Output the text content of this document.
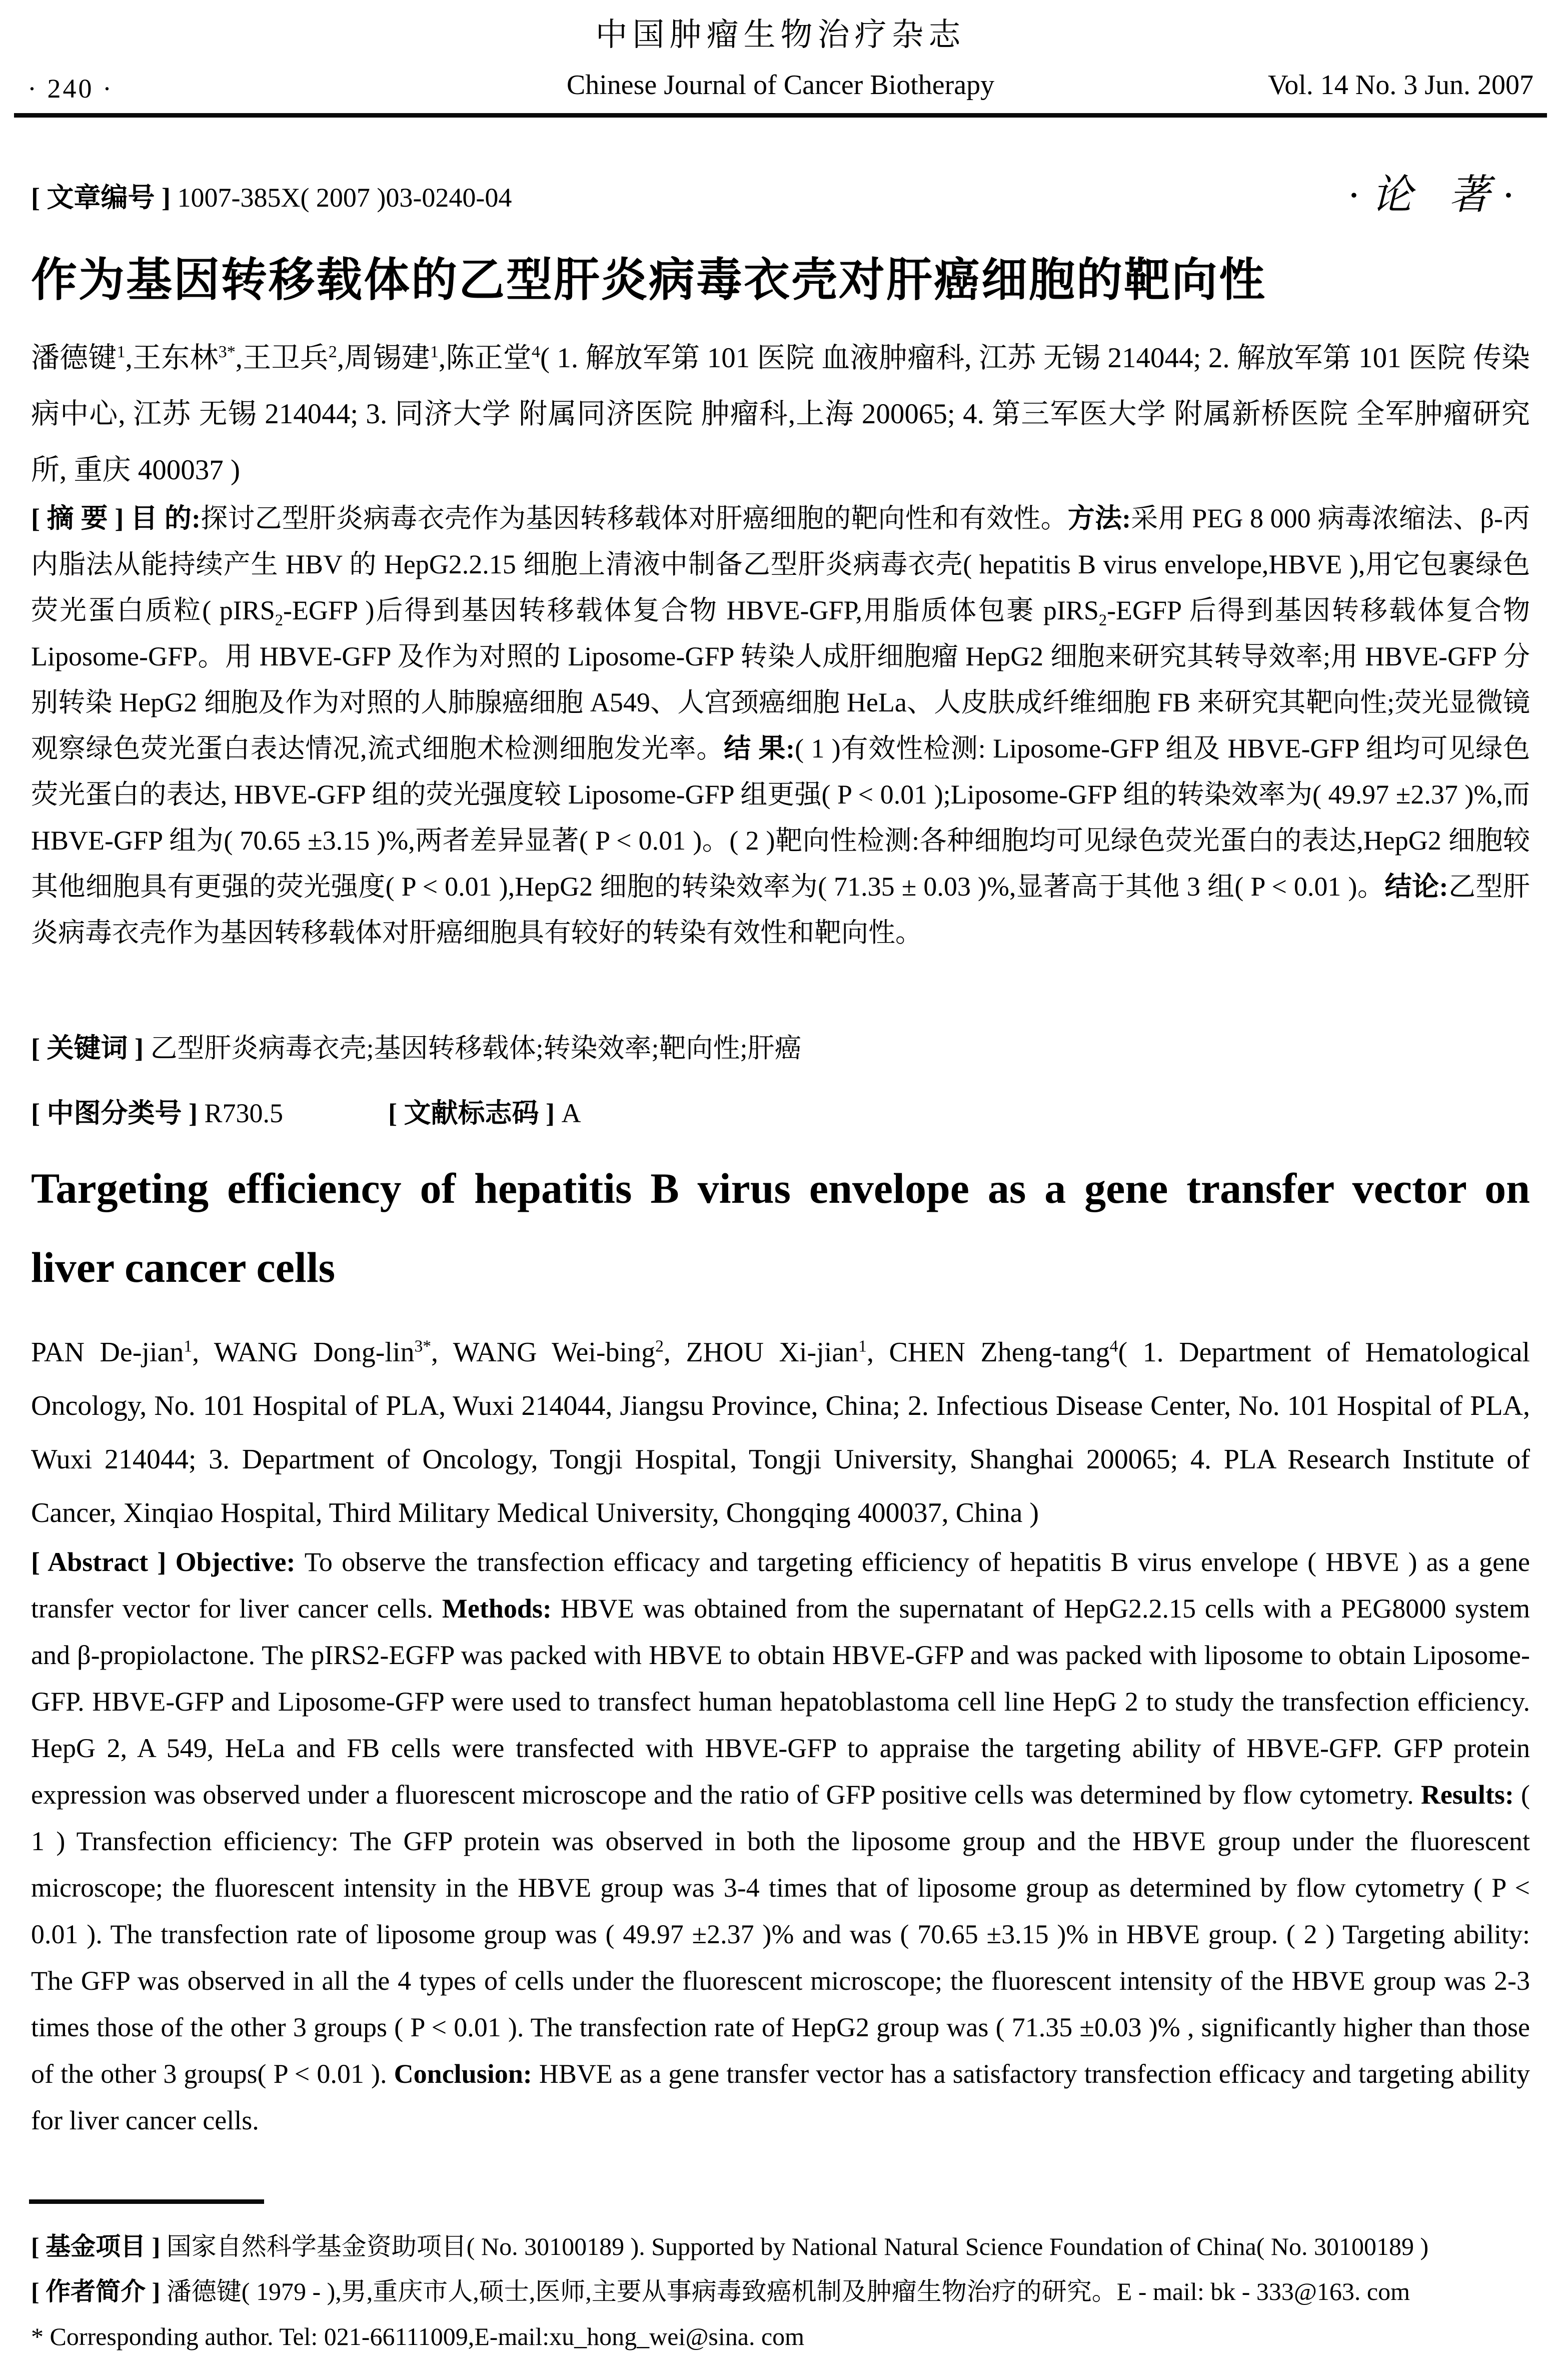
中国肿瘤生物治疗杂志
· 240 ·	Chinese Journal of Cancer Biotherapy	Vol. 14 No. 3 Jun. 2007
[ 文章编号 ] 1007-385X( 2007 )03-0240-04	·论 著·
作为基因转移载体的乙型肝炎病毒衣壳对肝癌细胞的靶向性
潘德键$^1$,王东林$^{3*}$,王卫兵$^2$,周锡建$^1$,陈正堂$^4$( 1. 解放军第 101 医院 血液肿瘤科, 江苏 无锡 214044; 2. 解放军第 101 医院 传染病中心, 江苏 无锡 214044; 3. 同济大学 附属同济医院 肿瘤科,上海 200065; 4. 第三军医大学 附属新桥医院 全军肿瘤研究所, 重庆 400037 )
[ 摘 要 ] 目 的:探讨乙型肝炎病毒衣壳作为基因转移载体对肝癌细胞的靶向性和有效性。方法:采用 PEG 8 000 病毒浓缩法、β-丙内脂法从能持续产生 HBV 的 HepG2.2.15 细胞上清液中制备乙型肝炎病毒衣壳( hepatitis B virus envelope,HBVE ),用它包裹绿色荧光蛋白质粒( pIRS$_2$-EGFP )后得到基因转移载体复合物 HBVE-GFP,用脂质体包裹 pIRS$_2$-EGFP 后得到基因转移载体复合物 Liposome-GFP。用 HBVE-GFP 及作为对照的 Liposome-GFP 转染人成肝细胞瘤 HepG2 细胞来研究其转导效率;用 HBVE-GFP 分别转染 HepG2 细胞及作为对照的人肺腺癌细胞 A549、人宫颈癌细胞 HeLa、人皮肤成纤维细胞 FB 来研究其靶向性;荧光显微镜观察绿色荧光蛋白表达情况,流式细胞术检测细胞发光率。结 果:( 1 )有效性检测: Liposome-GFP 组及 HBVE-GFP 组均可见绿色荧光蛋白的表达, HBVE-GFP 组的荧光强度较 Liposome-GFP 组更强( P < 0.01 );Liposome-GFP 组的转染效率为( 49.97 ±2.37 )%,而 HBVE-GFP 组为( 70.65 ±3.15 )%,两者差异显著( P < 0.01 )。( 2 )靶向性检测:各种细胞均可见绿色荧光蛋白的表达,HepG2 细胞较其他细胞具有更强的荧光强度( P < 0.01 ),HepG2 细胞的转染效率为( 71.35 ± 0.03 )%,显著高于其他 3 组( P < 0.01 )。结论:乙型肝炎病毒衣壳作为基因转移载体对肝癌细胞具有较好的转染有效性和靶向性。
[ 关键词 ] 乙型肝炎病毒衣壳;基因转移载体;转染效率;靶向性;肝癌
[ 中图分类号 ] R730.5	[ 文献标志码 ] A
Targeting efficiency of hepatitis B virus envelope as a gene transfer vector on liver cancer cells
PAN De-jian$^1$, WANG Dong-lin$^{3*}$, WANG Wei-bing$^2$, ZHOU Xi-jian$^1$, CHEN Zheng-tang$^4$( 1. Department of Hematological Oncology, No. 101 Hospital of PLA, Wuxi 214044, Jiangsu Province, China; 2. Infectious Disease Center, No. 101 Hospital of PLA, Wuxi 214044; 3. Department of Oncology, Tongji Hospital, Tongji University, Shanghai 200065; 4. PLA Research Institute of Cancer, Xinqiao Hospital, Third Military Medical University, Chongqing 400037, China )
[ Abstract ] Objective: To observe the transfection efficacy and targeting efficiency of hepatitis B virus envelope ( HBVE ) as a gene transfer vector for liver cancer cells. Methods: HBVE was obtained from the supernatant of HepG2.2.15 cells with a PEG8000 system and β-propiolactone. The pIRS2-EGFP was packed with HBVE to obtain HBVE-GFP and was packed with liposome to obtain Liposome-GFP. HBVE-GFP and Liposome-GFP were used to transfect human hepatoblastoma cell line HepG 2 to study the transfection efficiency. HepG 2, A 549, HeLa and FB cells were transfected with HBVE-GFP to appraise the targeting ability of HBVE-GFP. GFP protein expression was observed under a fluorescent microscope and the ratio of GFP positive cells was determined by flow cytometry. Results: ( 1 ) Transfection efficiency: The GFP protein was observed in both the liposome group and the HBVE group under the fluorescent microscope; the fluorescent intensity in the HBVE group was 3-4 times that of liposome group as determined by flow cytometry ( P < 0.01 ). The transfection rate of liposome group was ( 49.97 ±2.37 )% and was ( 70.65 ±3.15 )% in HBVE group. ( 2 ) Targeting ability: The GFP was observed in all the 4 types of cells under the fluorescent microscope; the fluorescent intensity of the HBVE group was 2-3 times those of the other 3 groups ( P < 0.01 ). The transfection rate of HepG2 group was ( 71.35 ±0.03 )% , significantly higher than those of the other 3 groups( P < 0.01 ). Conclusion: HBVE as a gene transfer vector has a satisfactory transfection efficacy and targeting ability for liver cancer cells.
[ 基金项目 ] 国家自然科学基金资助项目( No. 30100189 ). Supported by National Natural Science Foundation of China( No. 30100189 )
[ 作者简介 ] 潘德键( 1979 - ),男,重庆市人,硕士,医师,主要从事病毒致癌机制及肿瘤生物治疗的研究。E - mail: bk - 333@163. com
* Corresponding author. Tel: 021-66111009,E-mail:xu_hong_wei@sina. com
